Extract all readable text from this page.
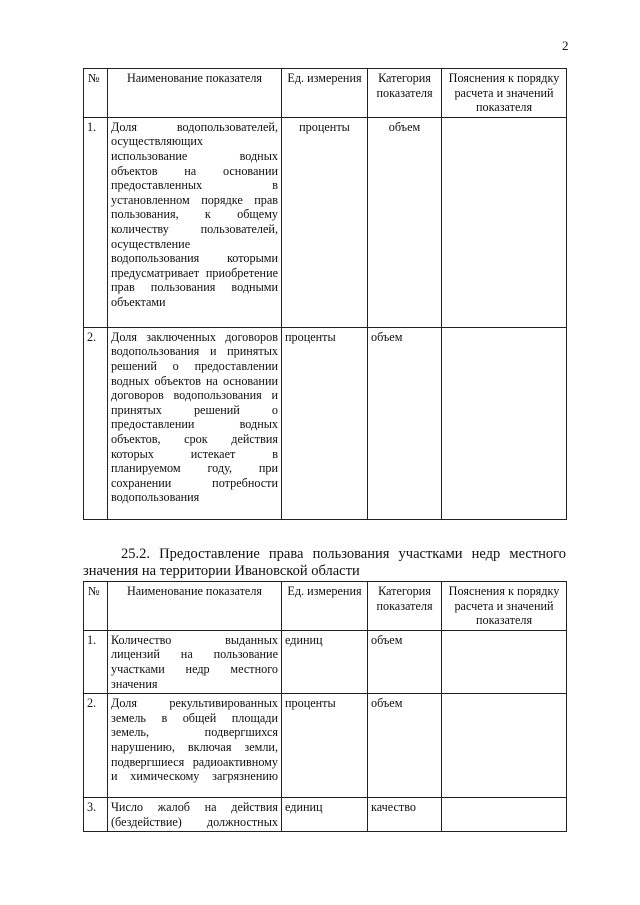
2
№	Наименование показателя	Ед. измерения	Категория показателя	Пояснения к порядку расчета и значений показателя
1.	Доля водопользователей, осуществляющих использование водных объектов на основании предоставленных в установленном порядке прав пользования, к общему количеству пользователей, осуществление водопользования которыми предусматривает приобретение прав пользования водными объектами	проценты	объем	
2.	Доля заключенных договоров водопользования и принятых решений о предоставлении водных объектов на основании договоров водопользования и принятых решений о предоставлении водных объектов, срок действия которых истекает в планируемом году, при сохранении потребности водопользования	проценты	объем	
25.2. Предоставление права пользования участками недр местного значения на территории Ивановской области
№	Наименование показателя	Ед. измерения	Категория показателя	Пояснения к порядку расчета и значений показателя
1.	Количество выданных лицензий на пользование участками недр местного значения	единиц	объем	
2.	Доля рекультивированных земель в общей площади земель, подвергшихся нарушению, включая земли, подвергшиеся радиоактивному и химическому загрязнению	проценты	объем	
3.	Число жалоб на действия (бездействие) должностных	единиц	качество	
